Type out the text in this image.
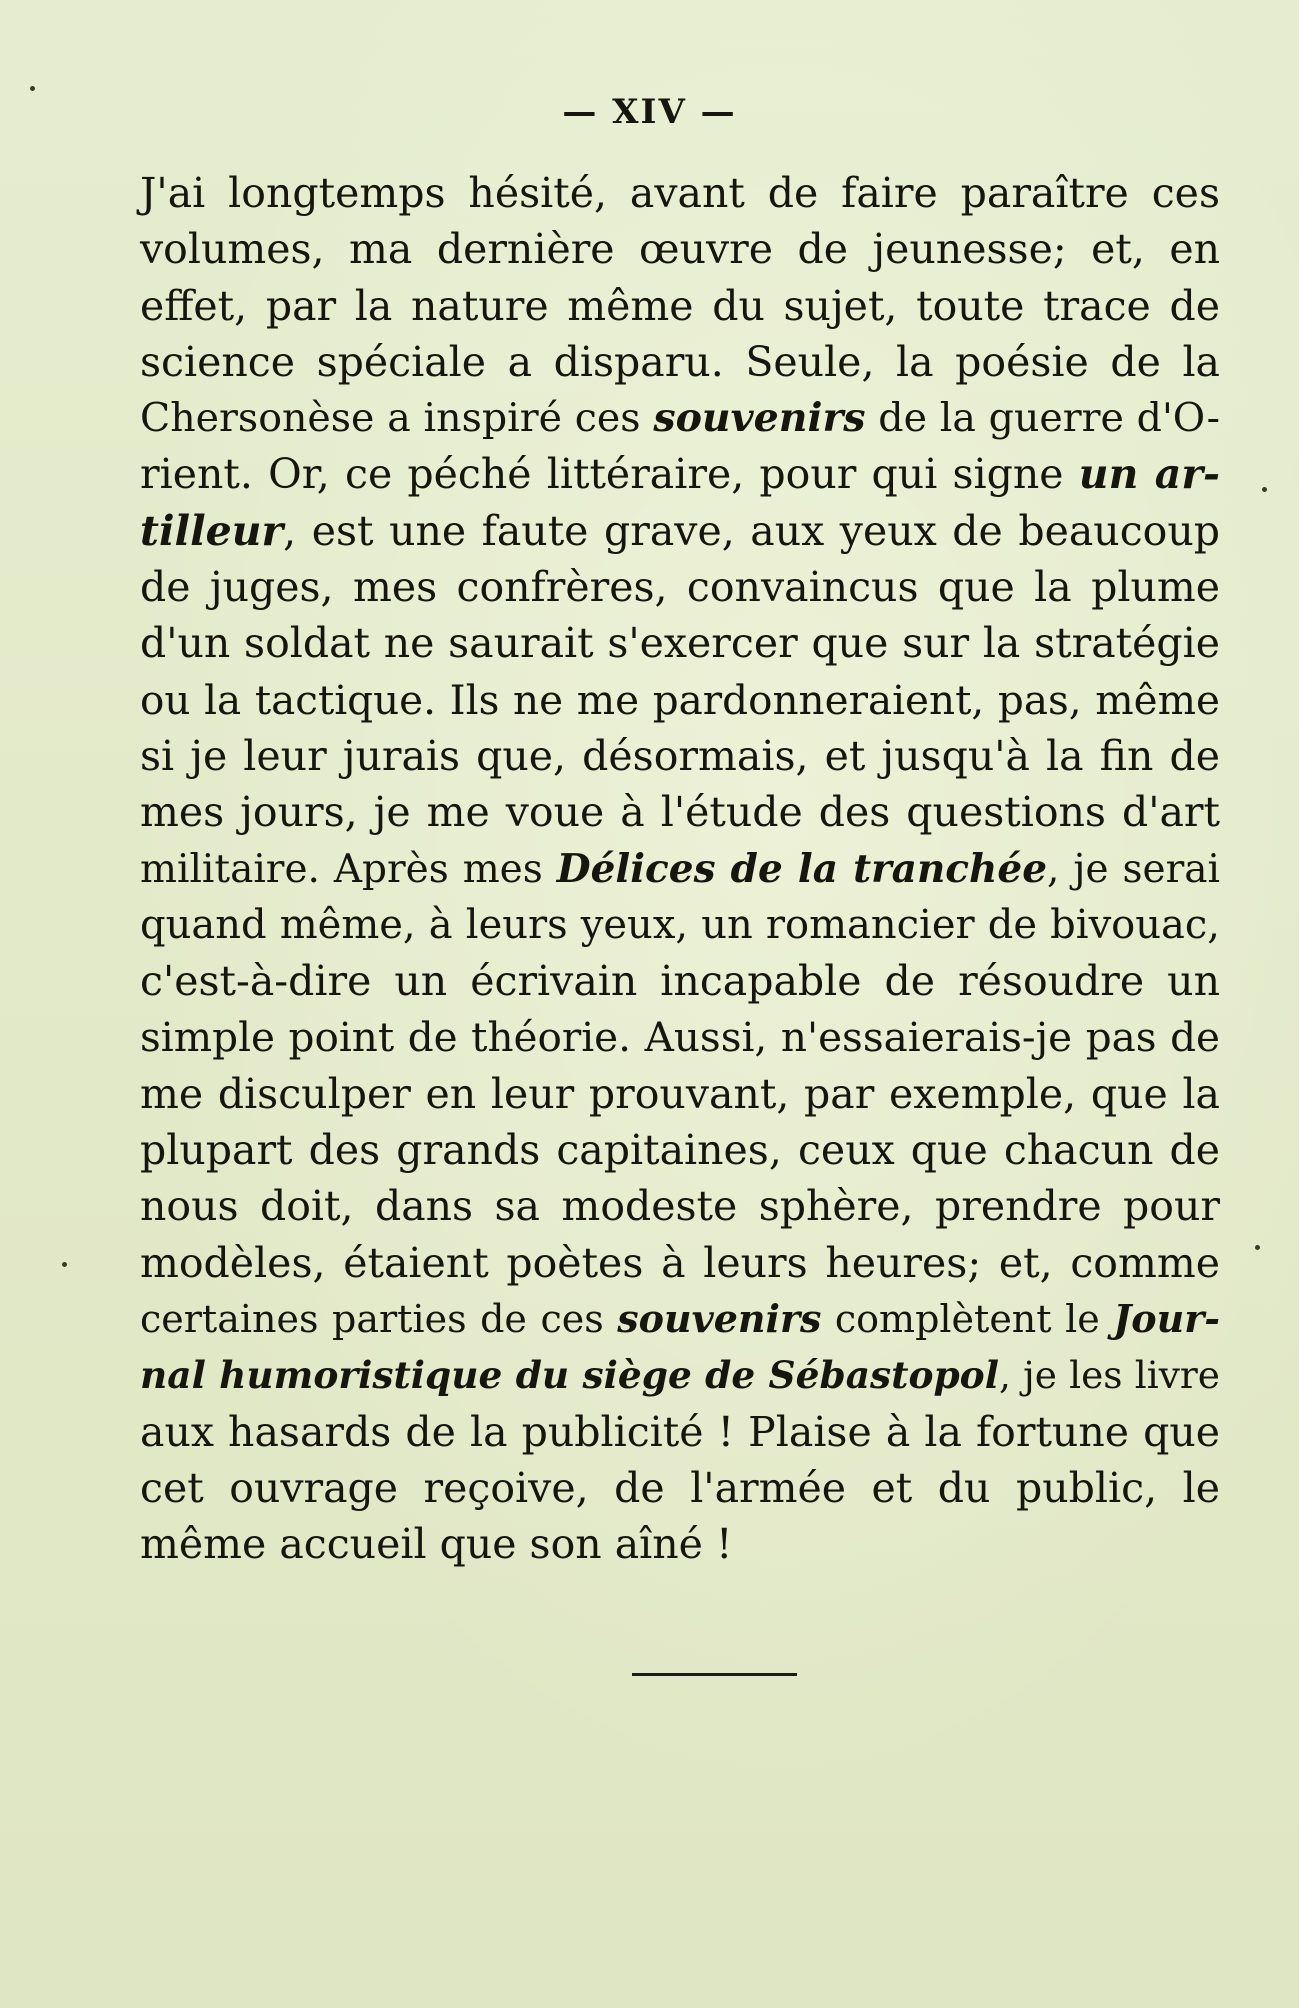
— XIV —
J'ai longtemps hésité, avant de faire paraître ces
volumes, ma dernière œuvre de jeunesse; et, en
effet, par la nature même du sujet, toute trace de
science spéciale a disparu. Seule, la poésie de la
Chersonèse a inspiré ces souvenirs de la guerre d'O-
rient. Or, ce péché littéraire, pour qui signe un ar-
tilleur, est une faute grave, aux yeux de beaucoup
de juges, mes confrères, convaincus que la plume
d'un soldat ne saurait s'exercer que sur la stratégie
ou la tactique. Ils ne me pardonneraient, pas, même
si je leur jurais que, désormais, et jusqu'à la fin de
mes jours, je me voue à l'étude des questions d'art
militaire. Après mes Délices de la tranchée, je serai
quand même, à leurs yeux, un romancier de bivouac,
c'est-à-dire un écrivain incapable de résoudre un
simple point de théorie. Aussi, n'essaierais-je pas de
me disculper en leur prouvant, par exemple, que la
plupart des grands capitaines, ceux que chacun de
nous doit, dans sa modeste sphère, prendre pour
modèles, étaient poètes à leurs heures; et, comme
certaines parties de ces souvenirs complètent le Jour-
nal humoristique du siège de Sébastopol, je les livre
aux hasards de la publicité ! Plaise à la fortune que
cet ouvrage reçoive, de l'armée et du public, le
même accueil que son aîné !
